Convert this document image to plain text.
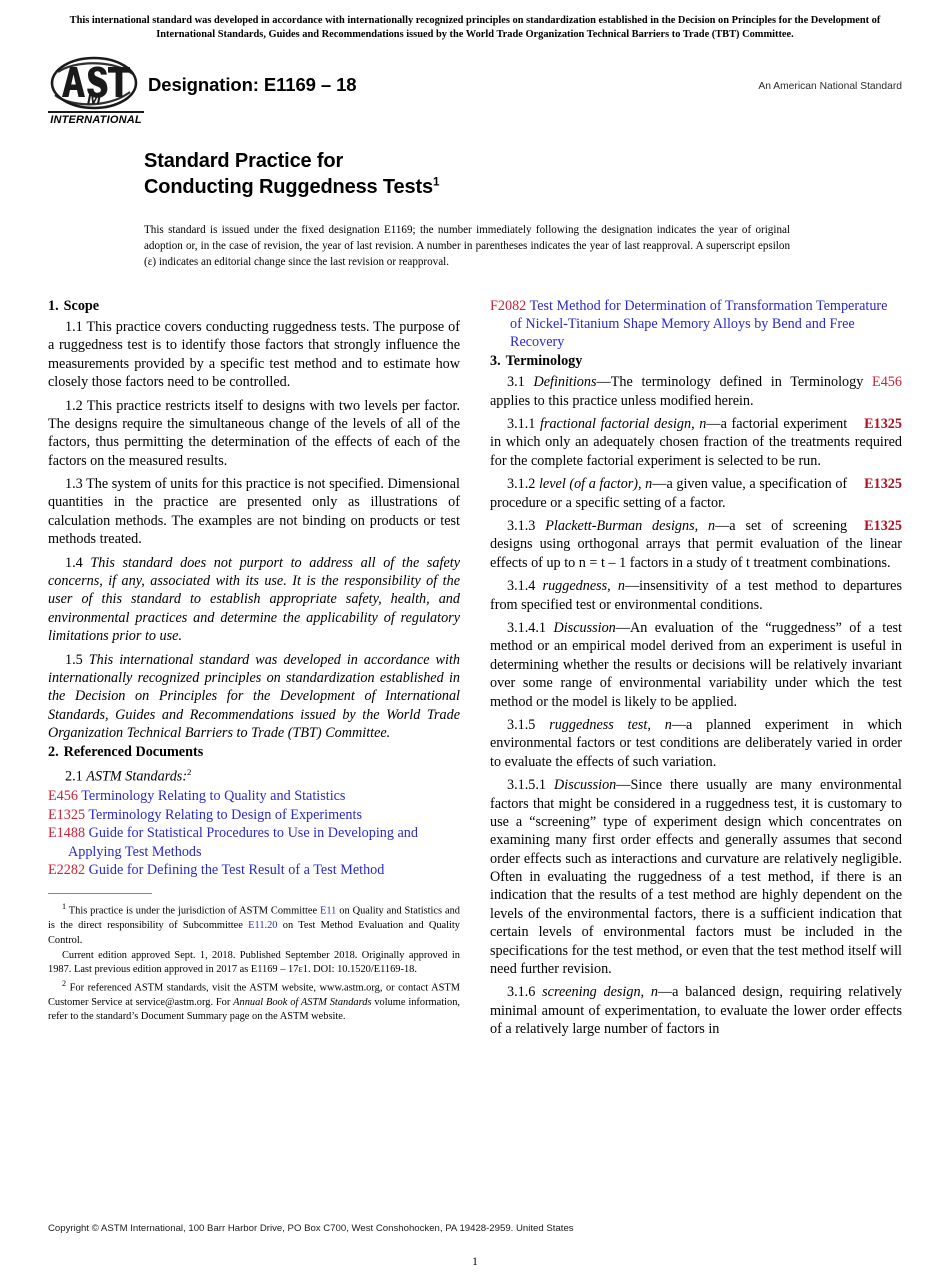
This international standard was developed in accordance with internationally recognized principles on standardization established in the Decision on Principles for the Development of International Standards, Guides and Recommendations issued by the World Trade Organization Technical Barriers to Trade (TBT) Committee.
M
INTERNATIONAL
Designation: E1169 – 18	An American National Standard
Standard Practice for
Conducting Ruggedness Tests$^1$
This standard is issued under the fixed designation E1169; the number immediately following the designation indicates the year of original adoption or, in the case of revision, the year of last revision. A number in parentheses indicates the year of last reapproval. A superscript epsilon (ε) indicates an editorial change since the last revision or reapproval.
1. Scope

1.1 This practice covers conducting ruggedness tests. The purpose of a ruggedness test is to identify those factors that strongly influence the measurements provided by a specific test method and to estimate how closely those factors need to be controlled.

1.2 This practice restricts itself to designs with two levels per factor. The designs require the simultaneous change of the levels of all of the factors, thus permitting the determination of the effects of each of the factors on the measured results.

1.3 The system of units for this practice is not specified. Dimensional quantities in the practice are presented only as illustrations of calculation methods. The examples are not binding on products or test methods treated.

1.4 This standard does not purport to address all of the safety concerns, if any, associated with its use. It is the responsibility of the user of this standard to establish appropriate safety, health, and environmental practices and determine the applicability of regulatory limitations prior to use.

1.5 This international standard was developed in accordance with internationally recognized principles on standardization established in the Decision on Principles for the Development of International Standards, Guides and Recommendations issued by the World Trade Organization Technical Barriers to Trade (TBT) Committee.

2. Referenced Documents
2.1 ASTM Standards:$^2$
E456 Terminology Relating to Quality and Statistics
E1325 Terminology Relating to Design of Experiments
E1488 Guide for Statistical Procedures to Use in Developing and Applying Test Methods
E2282 Guide for Defining the Test Result of a Test Method

$^1$ This practice is under the jurisdiction of ASTM Committee E11 on Quality and Statistics and is the direct responsibility of Subcommittee E11.20 on Test Method Evaluation and Quality Control.

Current edition approved Sept. 1, 2018. Published September 2018. Originally approved in 1987. Last previous edition approved in 2017 as E1169 – 17ε1. DOI: 10.1520/E1169-18.

$^2$ For referenced ASTM standards, visit the ASTM website, www.astm.org, or contact ASTM Customer Service at service@astm.org. For Annual Book of ASTM Standards volume information, refer to the standard’s Document Summary page on the ASTM website.

F2082 Test Method for Determination of Transformation Temperature of Nickel-Titanium Shape Memory Alloys by Bend and Free Recovery
3. Terminology

3.1 Definitions—The terminology defined in Terminology E456 applies to this practice unless modified herein.

E1325
3.1.1 fractional factorial design, n—a factorial experiment in which only an adequately chosen fraction of the treatments required for the complete factorial experiment is selected to be run.

E1325
3.1.2 level (of a factor), n—a given value, a specification of procedure or a specific setting of a factor.

E1325
3.1.3 Plackett-Burman designs, n—a set of screening designs using orthogonal arrays that permit evaluation of the linear effects of up to n = t – 1 factors in a study of t treatment combinations.

3.1.4 ruggedness, n—insensitivity of a test method to departures from specified test or environmental conditions.

3.1.4.1 Discussion—An evaluation of the “ruggedness” of a test method or an empirical model derived from an experiment is useful in determining whether the results or decisions will be relatively invariant over some range of environmental variability under which the test method or the model is likely to be applied.

3.1.5 ruggedness test, n—a planned experiment in which environmental factors or test conditions are deliberately varied in order to evaluate the effects of such variation.

3.1.5.1 Discussion—Since there usually are many environmental factors that might be considered in a ruggedness test, it is customary to use a “screening” type of experiment design which concentrates on examining many first order effects and generally assumes that second order effects such as interactions and curvature are relatively negligible. Often in evaluating the ruggedness of a test method, if there is an indication that the results of a test method are highly dependent on the levels of the environmental factors, there is a sufficient indication that certain levels of environmental factors must be included in the specifications for the test method, or even that the test method itself will need further revision.

3.1.6 screening design, n—a balanced design, requiring relatively minimal amount of experimentation, to evaluate the lower order effects of a relatively large number of factors in

Copyright © ASTM International, 100 Barr Harbor Drive, PO Box C700, West Conshohocken, PA 19428-2959. United States
1
